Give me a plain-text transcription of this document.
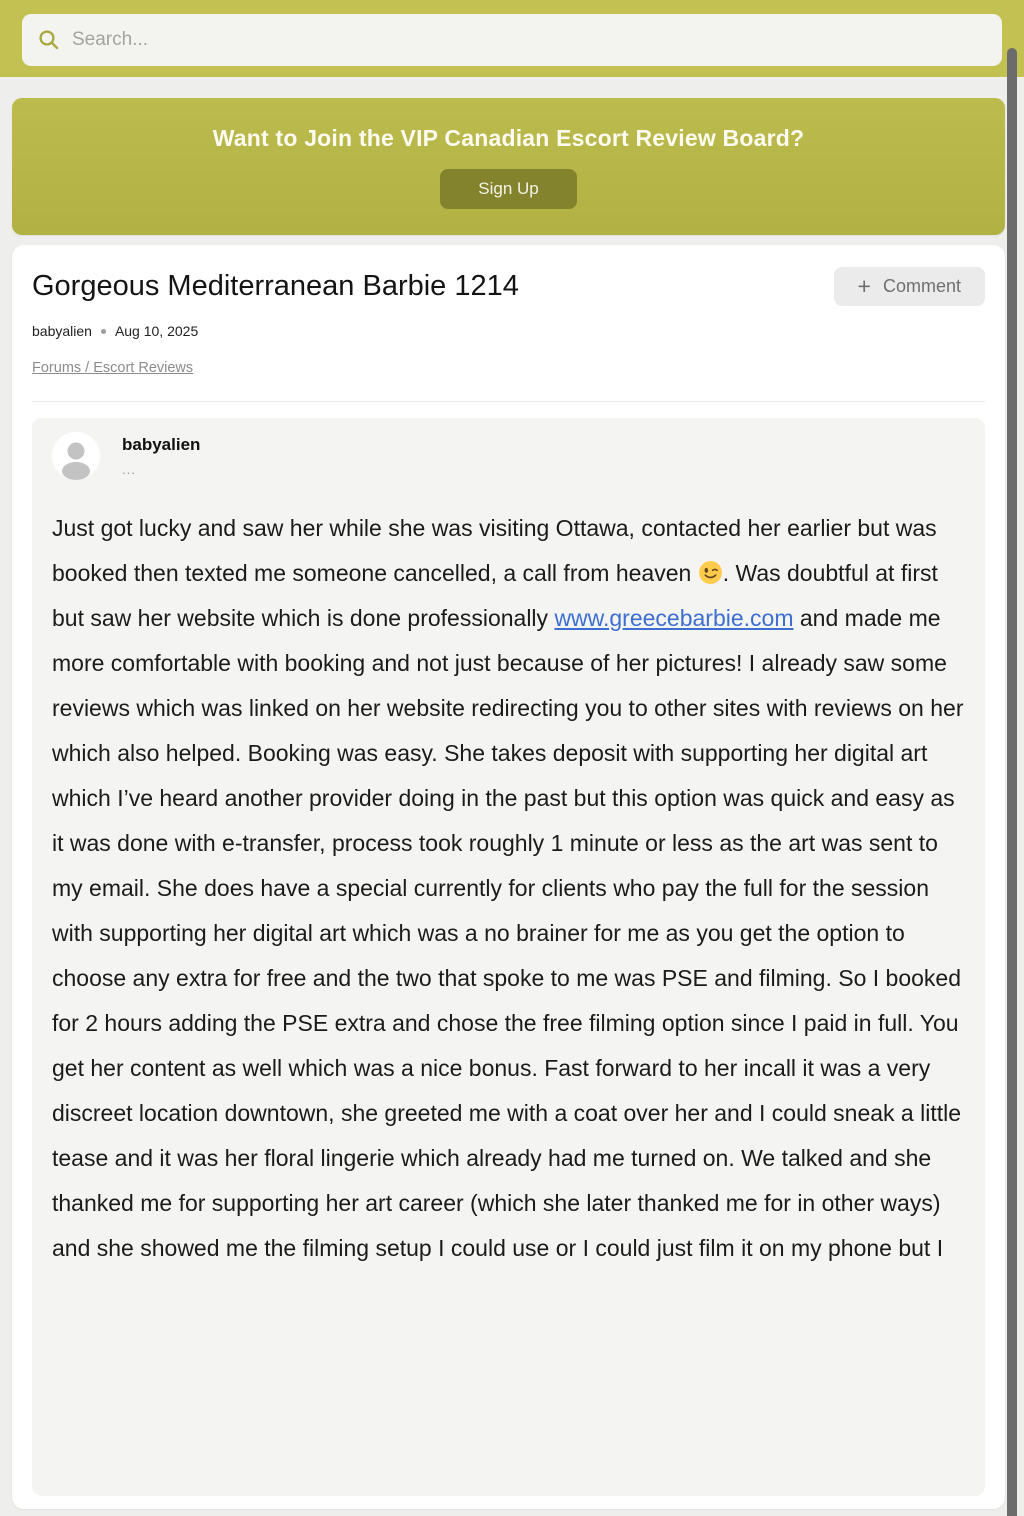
Search...
Want to Join the VIP Canadian Escort Review Board?
Sign Up
Gorgeous Mediterranean Barbie 1214	+ Comment
babyalien Aug 10, 2025
Forums / Escort Reviews
babyalien
...

Just got lucky and saw her while she was visiting Ottawa, contacted her earlier but was booked then texted me someone cancelled, a call from heaven . Was doubtful at first but saw her website which is done professionally www.greecebarbie.com and made me more comfortable with booking and not just because of her pictures! I already saw some reviews which was linked on her website redirecting you to other sites with reviews on her which also helped. Booking was easy. She takes deposit with supporting her digital art which I’ve heard another provider doing in the past but this option was quick and easy as it was done with e-transfer, process took roughly 1 minute or less as the art was sent to my email. She does have a special currently for clients who pay the full for the session with supporting her digital art which was a no brainer for me as you get the option to choose any extra for free and the two that spoke to me was PSE and filming. So I booked for 2 hours adding the PSE extra and chose the free filming option since I paid in full. You get her content as well which was a nice bonus. Fast forward to her incall it was a very discreet location downtown, she greeted me with a coat over her and I could sneak a little tease and it was her floral lingerie which already had me turned on. We talked and she thanked me for supporting her art career (which she later thanked me for in other ways) and she showed me the filming setup I could use or I could just film it on my phone but I
